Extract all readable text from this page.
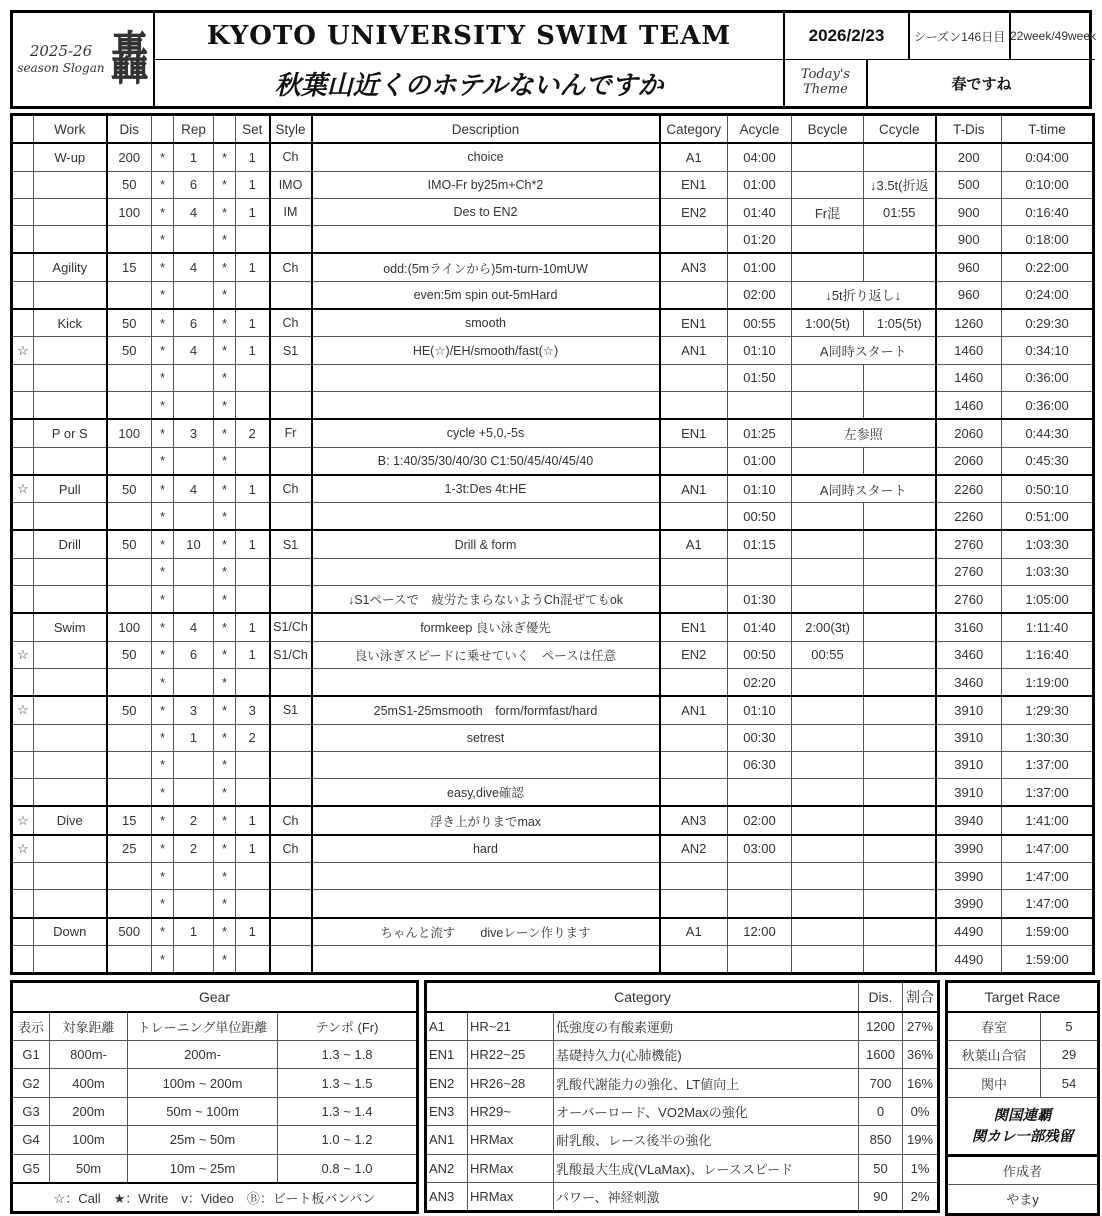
2025-26
season Slogan 轟	KYOTO UNIVERSITY SWIM TEAM	2026/2/23	シーズン146日目 22week/49week
秋葉山近くのホテルないんですか	Today's Theme	春ですね
	Work	Dis		Rep		Set	Style	Description	Category	Acycle	Bcycle	Ccycle	T-Dis	T-time
	W-up	200	*	1	*	1	Ch	choice	A1	04:00			200	0:04:00
		50	*	6	*	1	IMO	IMO-Fr by25m+Ch*2	EN1	01:00		↓3.5t(折返	500	0:10:00
		100	*	4	*	1	IM	Des to EN2	EN2	01:40	Fr混	01:55	900	0:16:40
			*		*					01:20			900	0:18:00
	Agility	15	*	4	*	1	Ch	odd:(5mラインから)5m-turn-10mUW	AN3	01:00			960	0:22:00
			*		*			even:5m spin out-5mHard		02:00	↓5t折り返し↓		960	0:24:00
	Kick	50	*	6	*	1	Ch	smooth	EN1	00:55	1:00(5t)	1:05(5t)	1260	0:29:30
☆		50	*	4	*	1	S1	HE(☆)/EH/smooth/fast(☆)	AN1	01:10	A同時スタート		1460	0:34:10
			*		*					01:50			1460	0:36:00
			*		*								1460	0:36:00
	P or S	100	*	3	*	2	Fr	cycle +5,0,-5s	EN1	01:25	左参照		2060	0:44:30
			*		*			B: 1:40/35/30/40/30 C1:50/45/40/45/40		01:00			2060	0:45:30
☆	Pull	50	*	4	*	1	Ch	1-3t:Des 4t:HE	AN1	01:10	A同時スタート		2260	0:50:10
			*		*					00:50			2260	0:51:00
	Drill	50	*	10	*	1	S1	Drill & form	A1	01:15			2760	1:03:30
			*		*								2760	1:03:30
			*		*			↓S1ペースで　疲労たまらないようCh混ぜてもok		01:30			2760	1:05:00
	Swim	100	*	4	*	1	S1/Ch	formkeep 良い泳ぎ優先	EN1	01:40	2:00(3t)		3160	1:11:40
☆		50	*	6	*	1	S1/Ch	良い泳ぎスピードに乗せていく　ペースは任意	EN2	00:50	00:55		3460	1:16:40
			*		*					02:20			3460	1:19:00
☆		50	*	3	*	3	S1	25mS1-25msmooth　form/formfast/hard	AN1	01:10			3910	1:29:30
			*	1	*	2		setrest		00:30			3910	1:30:30
			*		*					06:30			3910	1:37:00
			*		*			easy,dive確認					3910	1:37:00
☆	Dive	15	*	2	*	1	Ch	浮き上がりまでmax	AN3	02:00			3940	1:41:00
☆		25	*	2	*	1	Ch	hard	AN2	03:00			3990	1:47:00
			*		*								3990	1:47:00
			*		*								3990	1:47:00
	Down	500	*	1	*	1		ちゃんと流す　　diveレーン作ります	A1	12:00			4490	1:59:00
			*		*								4490	1:59:00
Gear			
表示	対象距離	トレーニング単位距離	テンポ (Fr)
G1	800m-	200m-	1.3 ~ 1.8
G2	400m	100m ~ 200m	1.3 ~ 1.5
G3	200m	50m ~ 100m	1.3 ~ 1.4
G4	100m	25m ~ 50m	1.0 ~ 1.2
G5	50m	10m ~ 25m	0.8 ~ 1.0
☆：Call　★：Write　v：Video　Ⓑ：ビート板バンバン			
Category			Dis.	割合
A1	HR~21	低強度の有酸素運動	1200	27%
EN1	HR22~25	基礎持久力(心肺機能)	1600	36%
EN2	HR26~28	乳酸代謝能力の強化、LT値向上	700	16%
EN3	HR29~	オーバーロード、VO2Maxの強化	0	0%
AN1	HRMax	耐乳酸、レース後半の強化	850	19%
AN2	HRMax	乳酸最大生成(VLaMax)、レーススピード	50	1%
AN3	HRMax	パワー、神経刺激	90	2%
Target Race	
春室	5
秋葉山合宿	29
関中	54
関国連覇
関カレ一部残留	
作成者	
やまy	
